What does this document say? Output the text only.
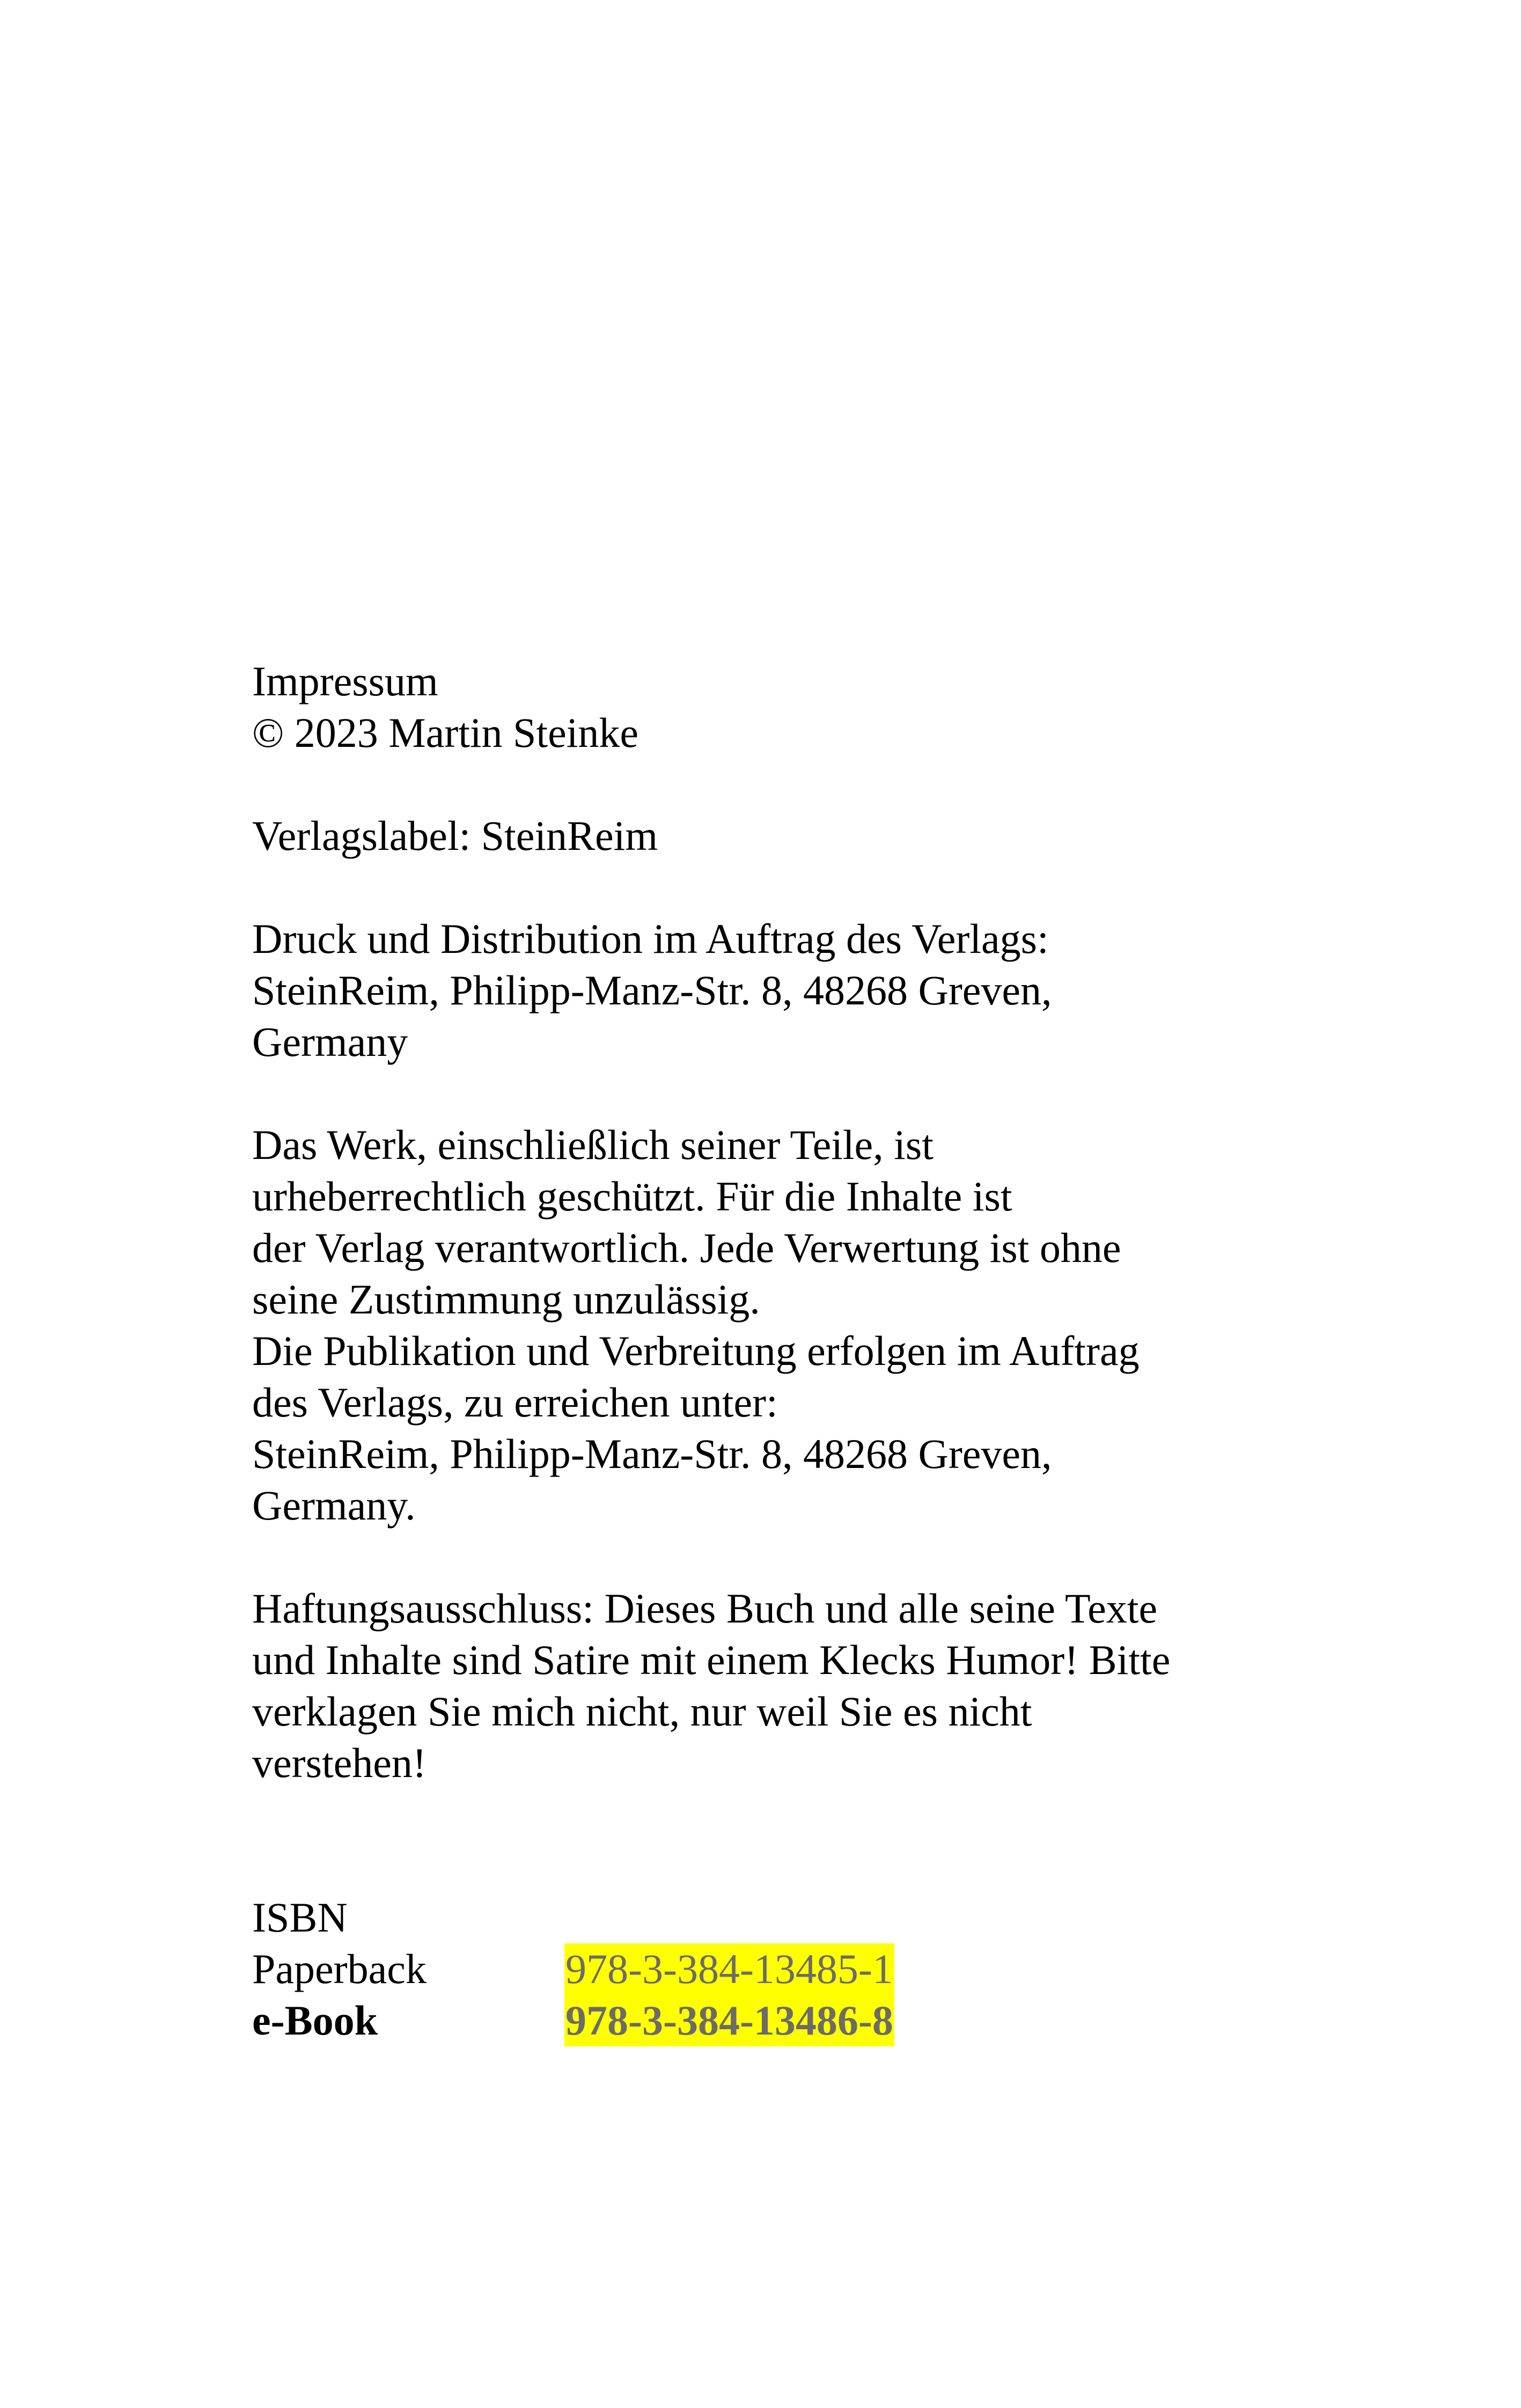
Impressum
© 2023 Martin Steinke
Verlagslabel: SteinReim
Druck und Distribution im Auftrag des Verlags:
SteinReim, Philipp-Manz-Str. 8, 48268 Greven,
Germany
Das Werk, einschließlich seiner Teile, ist
urheberrechtlich geschützt. Für die Inhalte ist
der Verlag verantwortlich. Jede Verwertung ist ohne
seine Zustimmung unzulässig.
Die Publikation und Verbreitung erfolgen im Auftrag
des Verlags, zu erreichen unter:
SteinReim, Philipp-Manz-Str. 8, 48268 Greven,
Germany.
Haftungsausschluss: Dieses Buch und alle seine Texte
und Inhalte sind Satire mit einem Klecks Humor! Bitte
verklagen Sie mich nicht, nur weil Sie es nicht
verstehen!
ISBN
Paperback	978-3-384-13485-1
e-Book	978-3-384-13486-8
